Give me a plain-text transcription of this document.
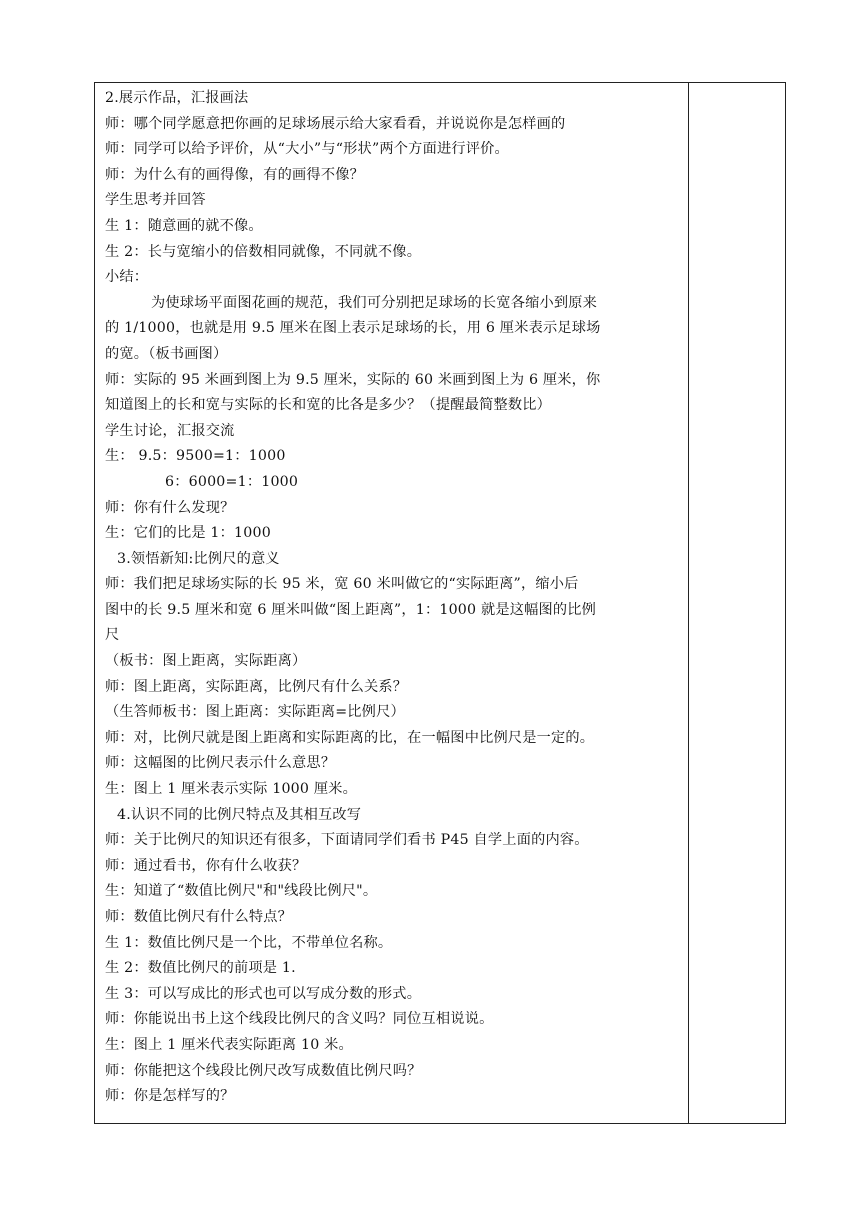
2.展示作品，汇报画法
师：哪个同学愿意把你画的足球场展示给大家看看，并说说你是怎样画的
师：同学可以给予评价，从“大小”与“形状”两个方面进行评价。
师：为什么有的画得像，有的画得不像？
学生思考并回答
生 1：随意画的就不像。
生 2：长与宽缩小的倍数相同就像，不同就不像。
小结：
为使球场平面图花画的规范，我们可分别把足球场的长宽各缩小到原来
的 1/1000，也就是用 9.5 厘米在图上表示足球场的长，用 6 厘米表示足球场
的宽。（板书画图）
师：实际的 95 米画到图上为 9.5 厘米，实际的 60 米画到图上为 6 厘米，你
知道图上的长和宽与实际的长和宽的比各是多少？（提醒最简整数比）
学生讨论，汇报交流
生： 9.5：9500=1：1000
6：6000=1：1000
师：你有什么发现？
生：它们的比是 1：1000
3.领悟新知:比例尺的意义
师：我们把足球场实际的长 95 米，宽 60 米叫做它的“实际距离”，缩小后
图中的长 9.5 厘米和宽 6 厘米叫做“图上距离”，1：1000 就是这幅图的比例
尺
（板书：图上距离，实际距离）
师：图上距离，实际距离，比例尺有什么关系？
（生答师板书：图上距离：实际距离=比例尺）
师：对，比例尺就是图上距离和实际距离的比，在一幅图中比例尺是一定的。
师：这幅图的比例尺表示什么意思？
生：图上 1 厘米表示实际 1000 厘米。
4.认识不同的比例尺特点及其相互改写
师：关于比例尺的知识还有很多，下面请同学们看书 P45 自学上面的内容。
师：通过看书，你有什么收获？
生：知道了“数值比例尺"和"线段比例尺"。
师：数值比例尺有什么特点？
生 1：数值比例尺是一个比，不带单位名称。
生 2：数值比例尺的前项是 1.
生 3：可以写成比的形式也可以写成分数的形式。
师：你能说出书上这个线段比例尺的含义吗？同位互相说说。
生：图上 1 厘米代表实际距离 10 米。
师：你能把这个线段比例尺改写成数值比例尺吗？
师：你是怎样写的？
